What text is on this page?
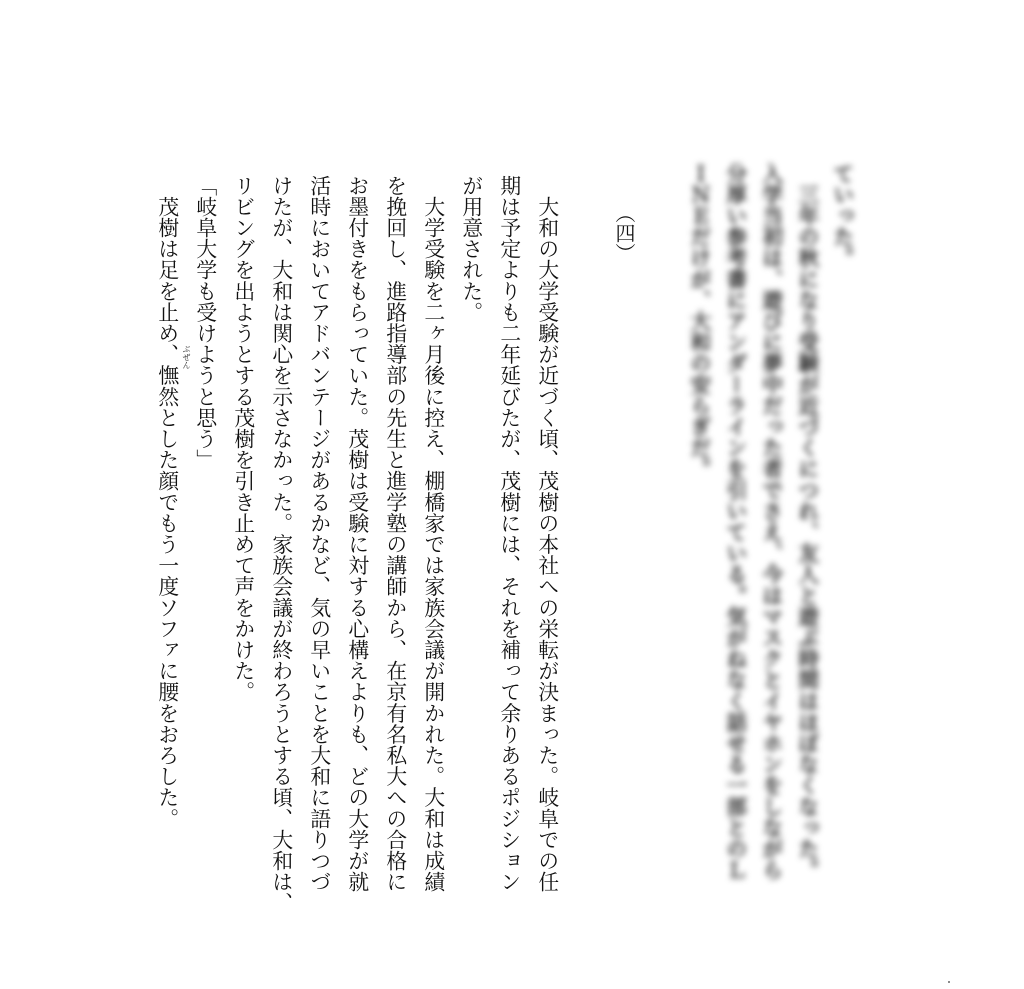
ていった。
　三年の秋になり受験が近づくにつれ、友人と遊ぶ時間はほぼなくなった。
入学当初は、遊びに夢中だった者でさえ、今はマスクとイヤホンをしながら
分厚い参考書にアンダーラインを引いている。気がねなく話せる一部とのＬ
ＩＮＥだけが、大和の安らぎだ。
（四）
　大和の大学受験が近づく頃、茂樹の本社への栄転が決まった。岐阜での任
期は予定よりも二年延びたが、茂樹には、それを補って余りあるポジション
が用意された。
　大学受験を二ヶ月後に控え、棚橋家では家族会議が開かれた。大和は成績
を挽回し、進路指導部の先生と進学塾の講師から、在京有名私大への合格に
お墨付きをもらっていた。茂樹は受験に対する心構えよりも、どの大学が就
活時においてアドバンテージがあるかなど、気の早いことを大和に語りつづ
けたが、大和は関心を示さなかった。家族会議が終わろうとする頃、大和は、
リビングを出ようとする茂樹を引き止めて声をかけた。
「岐阜大学も受けようと思う」
　茂樹は足を止め、憮然とした顔でもう一度ソファに腰をおろした。 ぶぜん
